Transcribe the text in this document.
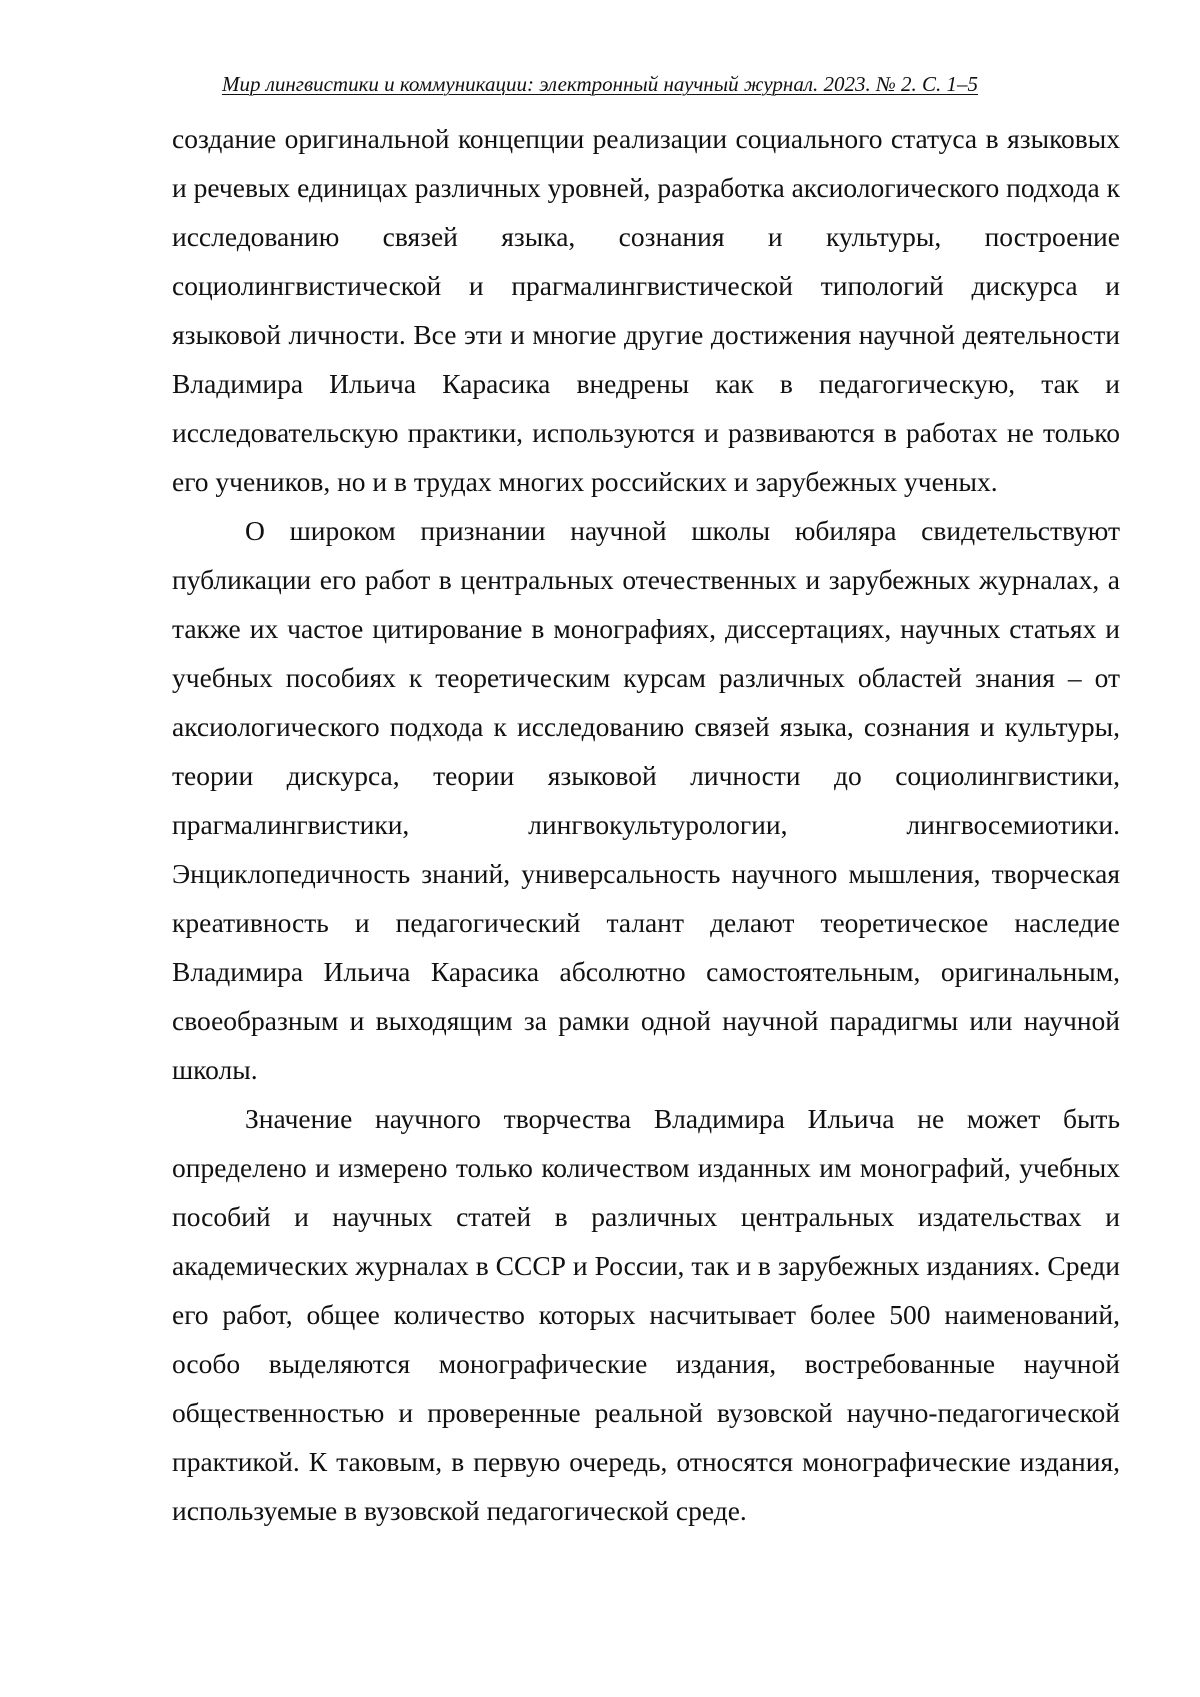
Мир лингвистики и коммуникации: электронный научный журнал. 2023. № 2. С. 1–5

создание оригинальной концепции реализации социального статуса в языковых и речевых единицах различных уровней, разработка аксиологического подхода к исследованию связей языка, сознания и культуры, построение социолингвистической и прагмалингвистической типологий дискурса и языковой личности. Все эти и многие другие достижения научной деятельности Владимира Ильича Карасика внедрены как в педагогическую, так и исследовательскую практики, используются и развиваются в работах не только его учеников, но и в трудах многих российских и зарубежных ученых.

О широком признании научной школы юбиляра свидетельствуют публикации его работ в центральных отечественных и зарубежных журналах, а также их частое цитирование в монографиях, диссертациях, научных статьях и учебных пособиях к теоретическим курсам различных областей знания – от аксиологического подхода к исследованию связей языка, сознания и культуры, теории дискурса, теории языковой личности до социолингвистики, прагмалингвистики, лингвокультурологии, лингвосемиотики. Энциклопедичность знаний, универсальность научного мышления, творческая креативность и педагогический талант делают теоретическое наследие Владимира Ильича Карасика абсолютно самостоятельным, оригинальным, своеобразным и выходящим за рамки одной научной парадигмы или научной школы.

Значение научного творчества Владимира Ильича не может быть определено и измерено только количеством изданных им монографий, учебных пособий и научных статей в различных центральных издательствах и академических журналах в СССР и России, так и в зарубежных изданиях. Среди его работ, общее количество которых насчитывает более 500 наименований, особо выделяются монографические издания, востребованные научной общественностью и проверенные реальной вузовской научно-педагогической практикой. К таковым, в первую очередь, относятся монографические издания, используемые в вузовской педагогической среде.
